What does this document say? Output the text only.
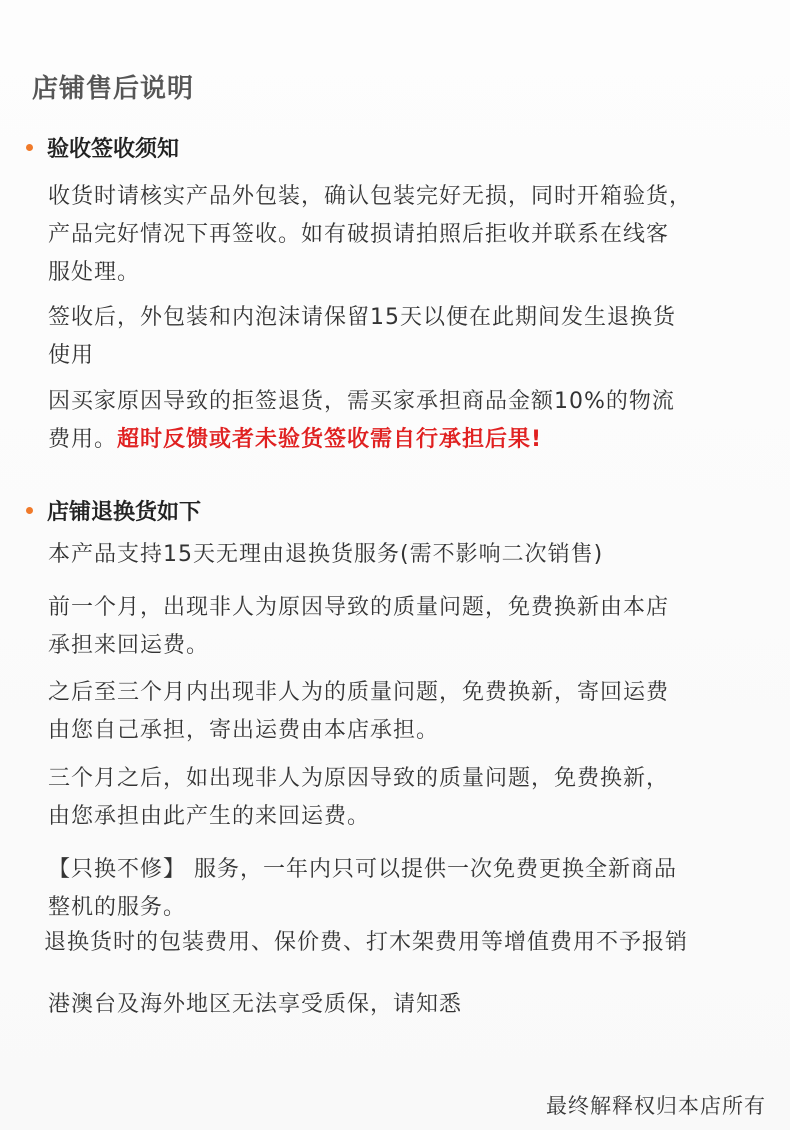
店铺售后说明
验收签收须知
收货时请核实产品外包装，确认包装完好无损，同时开箱验货，
产品完好情况下再签收。如有破损请拍照后拒收并联系在线客
服处理。
签收后，外包装和内泡沫请保留15天以便在此期间发生退换货
使用
因买家原因导致的拒签退货，需买家承担商品金额10%的物流
费用。超时反馈或者未验货签收需自行承担后果!
店铺退换货如下
本产品支持15天无理由退换货服务(需不影响二次销售)
前一个月，出现非人为原因导致的质量问题，免费换新由本店
承担来回运费。
之后至三个月内出现非人为的质量问题，免费换新，寄回运费
由您自己承担，寄出运费由本店承担。
三个月之后，如出现非人为原因导致的质量问题，免费换新，
由您承担由此产生的来回运费。
【只换不修】 服务，一年内只可以提供一次免费更换全新商品
整机的服务。
退换货时的包装费用、保价费、打木架费用等增值费用不予报销
港澳台及海外地区无法享受质保，请知悉
最终解释权归本店所有
